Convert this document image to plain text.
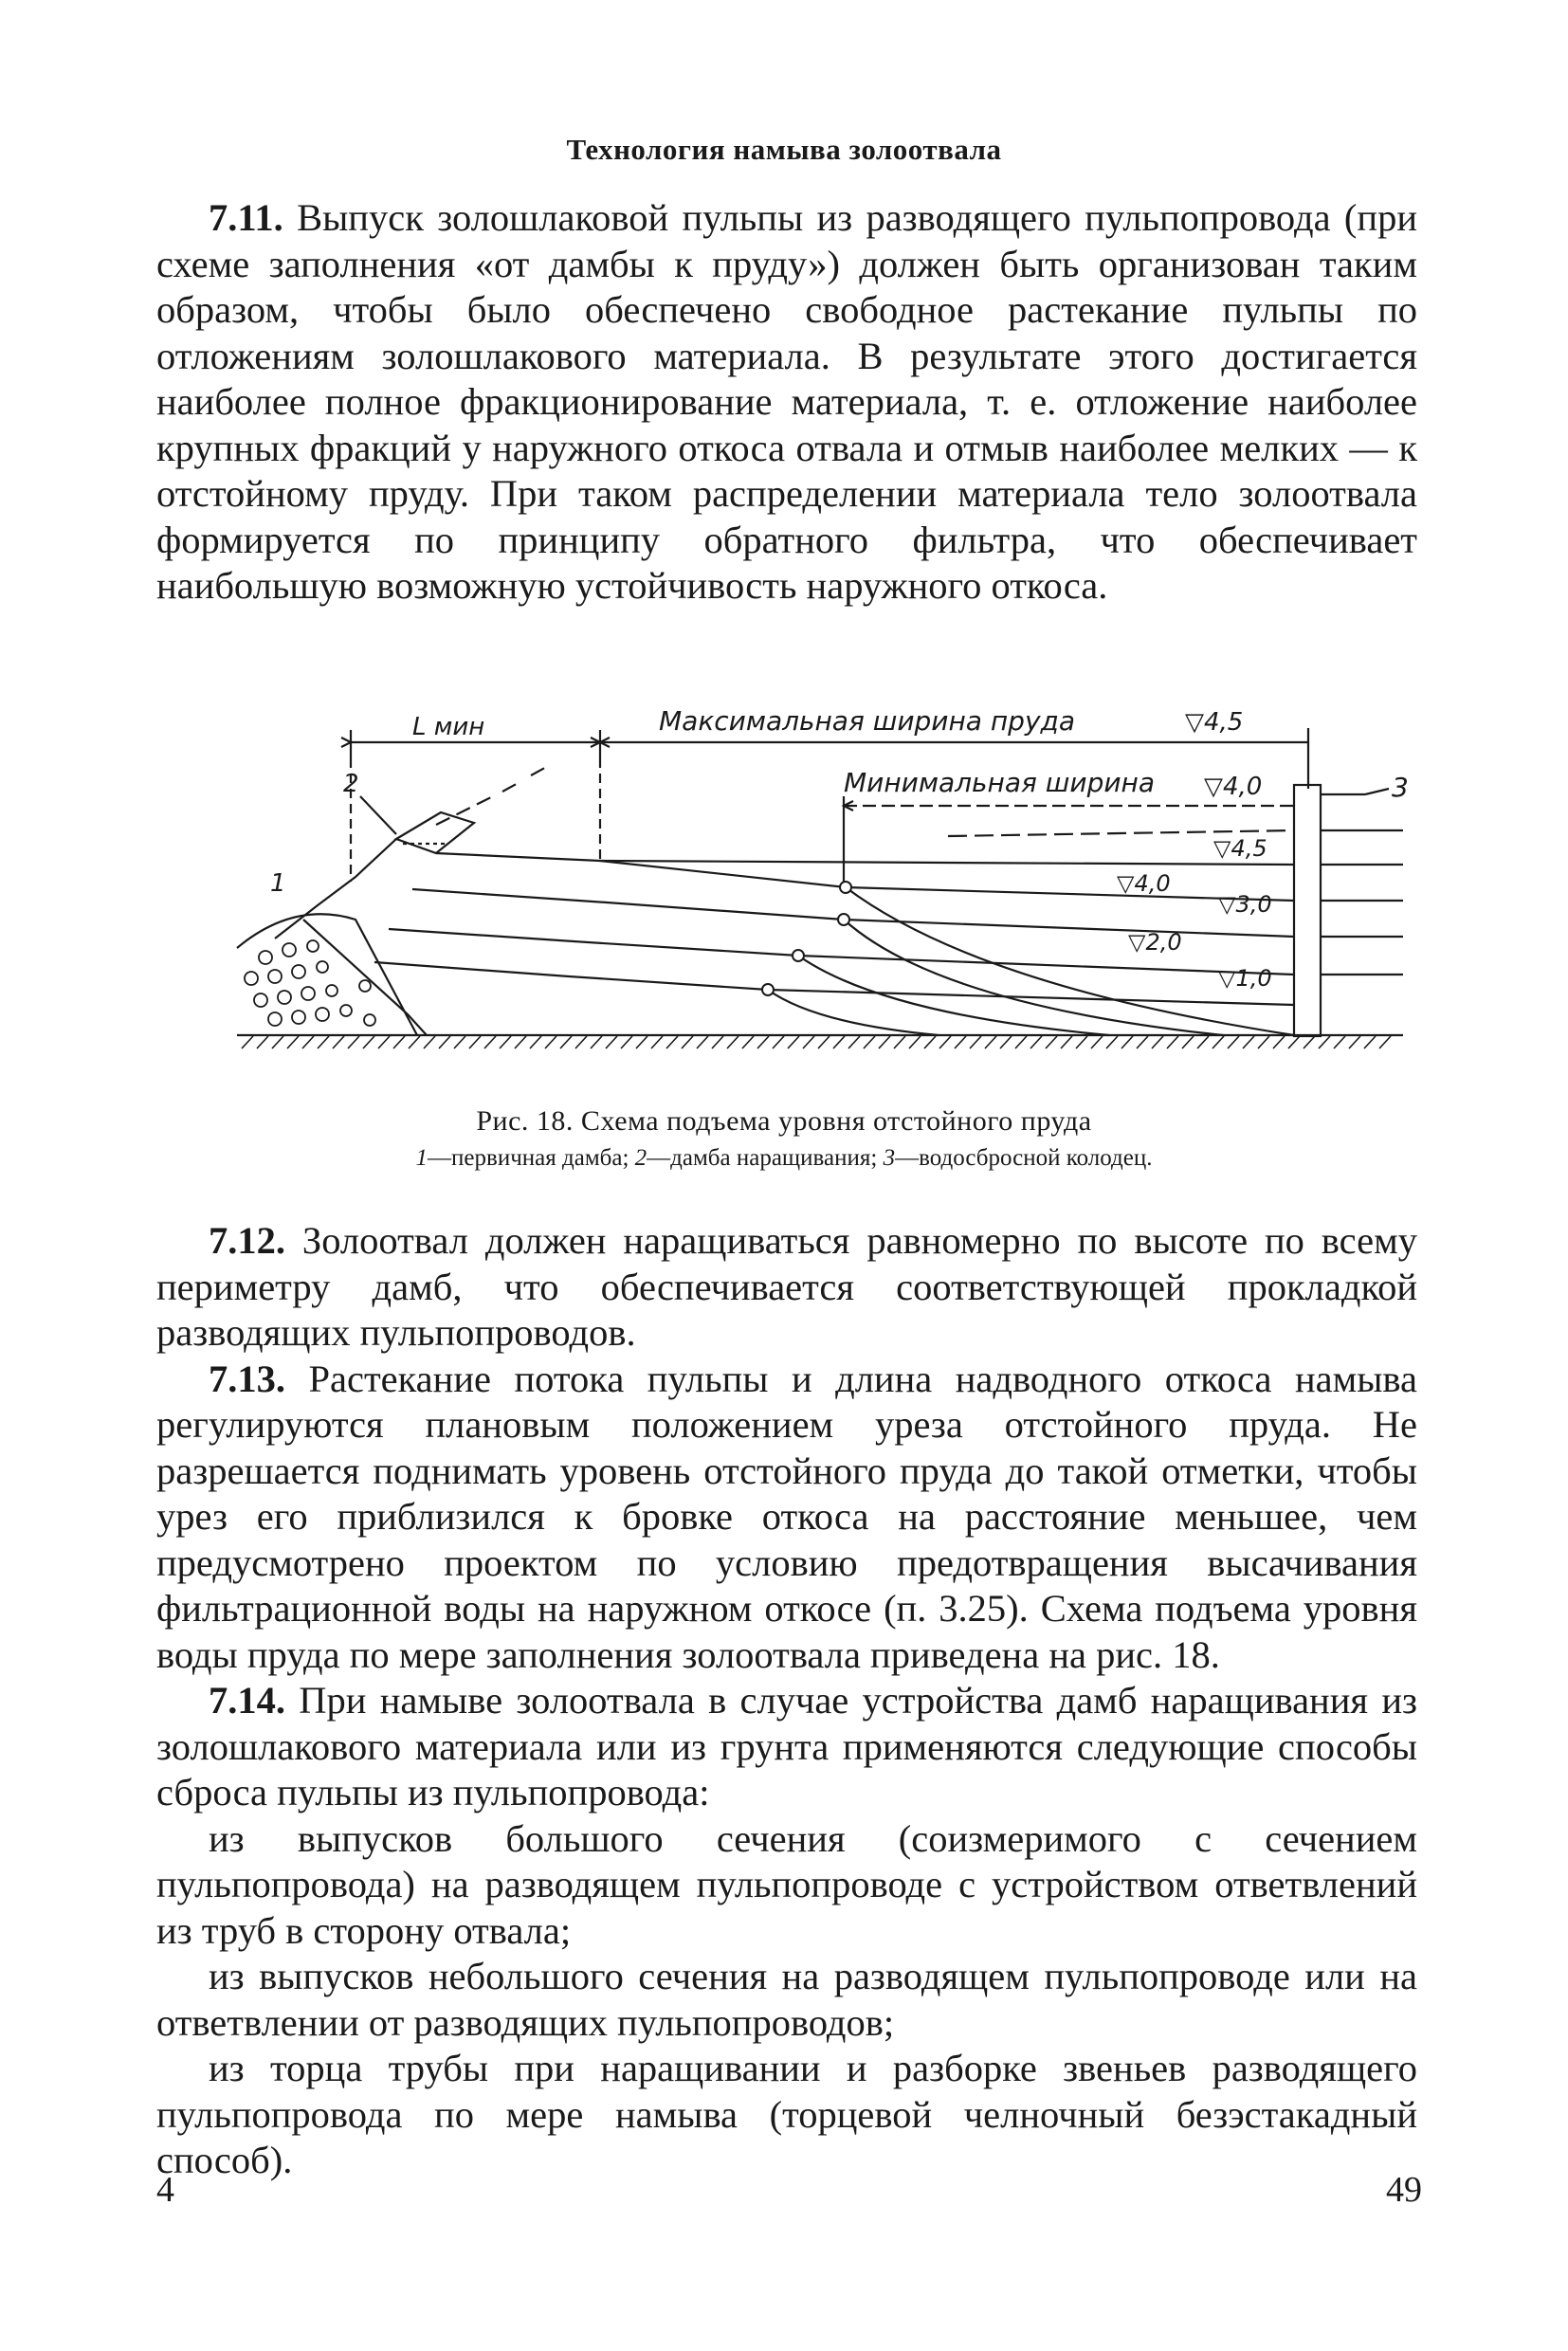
Технология намыва золоотвала

7.11. Выпуск золошлаковой пульпы из разводящего пульпопровода (при схеме заполнения «от дамбы к пруду») должен быть организован таким образом, чтобы было обеспечено свободное растекание пульпы по отложениям золошлакового материала. В результате этого достигается наиболее полное фракционирование материала, т. е. отложение наиболее крупных фракций у наружного откоса отвала и отмыв наиболее мелких — к отстойному пруду. При таком распределении материала тело золоотвала формируется по принципу обратного фильтра, что обеспечивает наибольшую возможную устойчивость наружного откоса.

L мин	Максимальная ширина пруда	▽4,5
Минимальная ширина ▽4,0
▽4,5
▽4,0
▽3,0
▽2,0
▽1,0
1
2	3
Рис. 18. Схема подъема уровня отстойного пруда
1—первичная дамба; 2—дамба наращивания; 3—водосбросной колодец.

7.12. Золоотвал должен наращиваться равномерно по высоте по всему периметру дамб, что обеспечивается соответствующей прокладкой разводящих пульпопроводов.

7.13. Растекание потока пульпы и длина надводного откоса намыва регулируются плановым положением уреза отстойного пруда. Не разрешается поднимать уровень отстойного пруда до такой отметки, чтобы урез его приблизился к бровке откоса на расстояние меньшее, чем предусмотрено проектом по условию предотвращения высачивания фильтрационной воды на наружном откосе (п. 3.25). Схема подъема уровня воды пруда по мере заполнения золоотвала приведена на рис. 18.

7.14. При намыве золоотвала в случае устройства дамб наращивания из золошлакового материала или из грунта применяются следующие способы сброса пульпы из пульпопровода:

из выпусков большого сечения (соизмеримого с сечением пульпопровода) на разводящем пульпопроводе с устройством ответвлений из труб в сторону отвала;

из выпусков небольшого сечения на разводящем пульпопроводе или на ответвлении от разводящих пульпопроводов;

из торца трубы при наращивании и разборке звеньев разводящего пульпопровода по мере намыва (торцевой челночный безэстакадный способ).

4	49
